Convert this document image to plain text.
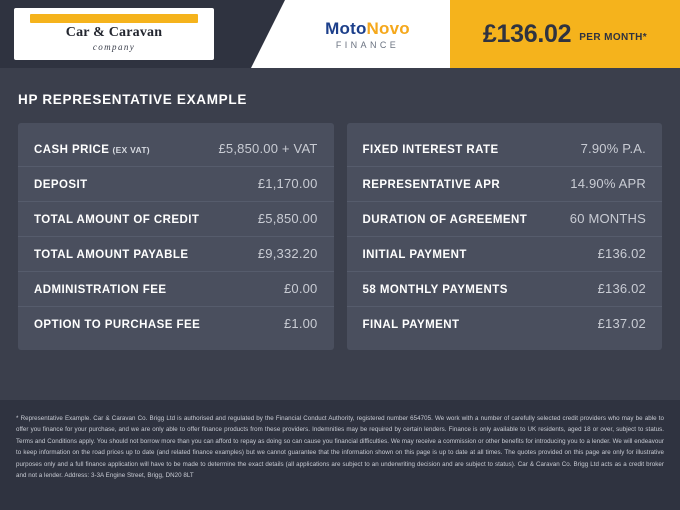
Car & Caravan
company
MotoNovo
FINANCE	£136.02 PER MONTH*
HP REPRESENTATIVE EXAMPLE
CASH PRICE (EX VAT)	£5,850.00 + VAT
DEPOSIT	£1,170.00
TOTAL AMOUNT OF CREDIT	£5,850.00
TOTAL AMOUNT PAYABLE	£9,332.20
ADMINISTRATION FEE	£0.00
OPTION TO PURCHASE FEE	£1.00
FIXED INTEREST RATE	7.90% P.A.
REPRESENTATIVE APR	14.90% APR
DURATION OF AGREEMENT	60 MONTHS
INITIAL PAYMENT	£136.02
58 MONTHLY PAYMENTS	£136.02
FINAL PAYMENT	£137.02
* Representative Example. Car & Caravan Co. Brigg Ltd is authorised and regulated by the Financial Conduct Authority, registered number 654705. We work with a number of carefully selected credit providers who may be able to offer you finance for your purchase, and we are only able to offer finance products from these providers. Indemnities may be required by certain lenders. Finance is only available to UK residents, aged 18 or over, subject to status. Terms and Conditions apply. You should not borrow more than you can afford to repay as doing so can cause you financial difficulties. We may receive a commission or other benefits for introducing you to a lender. We will endeavour to keep information on the road prices up to date (and related finance examples) but we cannot guarantee that the information shown on this page is up to date at all times. The quotes provided on this page are only for illustrative purposes only and a full finance application will have to be made to determine the exact details (all applications are subject to an underwriting decision and are subject to status). Car & Caravan Co. Brigg Ltd acts as a credit broker and not a lender. Address: 3-3A Engine Street, Brigg, DN20 8LT
